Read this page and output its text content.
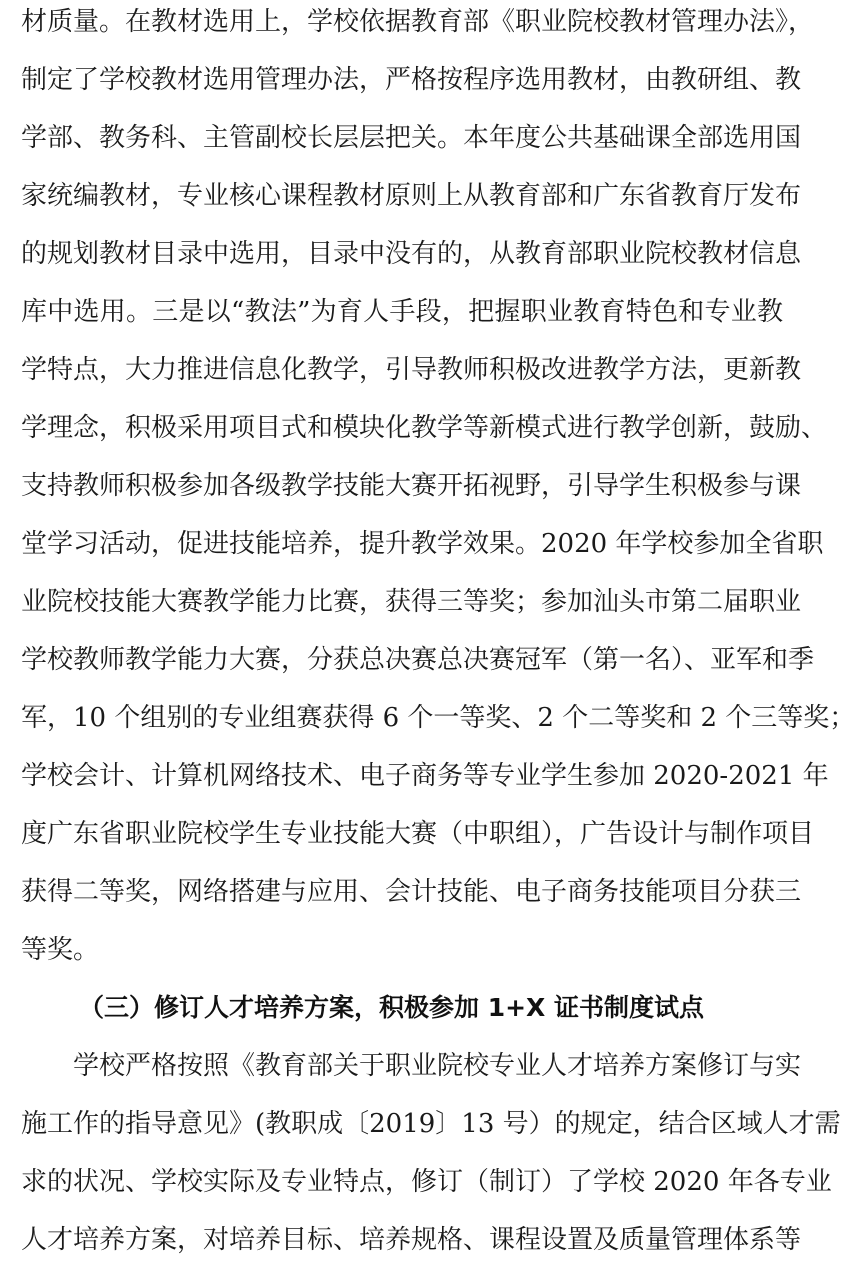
材质量。在教材选用上，学校依据教育部《职业院校教材管理办法》，
制定了学校教材选用管理办法，严格按程序选用教材，由教研组、教
学部、教务科、主管副校长层层把关。本年度公共基础课全部选用国
家统编教材，专业核心课程教材原则上从教育部和广东省教育厅发布
的规划教材目录中选用，目录中没有的，从教育部职业院校教材信息
库中选用。三是以“教法”为育人手段，把握职业教育特色和专业教
学特点，大力推进信息化教学，引导教师积极改进教学方法，更新教
学理念，积极采用项目式和模块化教学等新模式进行教学创新，鼓励、
支持教师积极参加各级教学技能大赛开拓视野，引导学生积极参与课
堂学习活动，促进技能培养，提升教学效果。2020 年学校参加全省职
业院校技能大赛教学能力比赛，获得三等奖；参加汕头市第二届职业
学校教师教学能力大赛，分获总决赛总决赛冠军（第一名）、亚军和季
军，10 个组别的专业组赛获得 6 个一等奖、2 个二等奖和 2 个三等奖；
学校会计、计算机网络技术、电子商务等专业学生参加 2020-2021 年
度广东省职业院校学生专业技能大赛（中职组），广告设计与制作项目
获得二等奖，网络搭建与应用、会计技能、电子商务技能项目分获三
等奖。
（三）修订人才培养方案，积极参加 1+X 证书制度试点
学校严格按照《教育部关于职业院校专业人才培养方案修订与实
施工作的指导意见》(教职成〔2019〕13 号）的规定，结合区域人才需
求的状况、学校实际及专业特点，修订（制订）了学校 2020 年各专业
人才培养方案，对培养目标、培养规格、课程设置及质量管理体系等
